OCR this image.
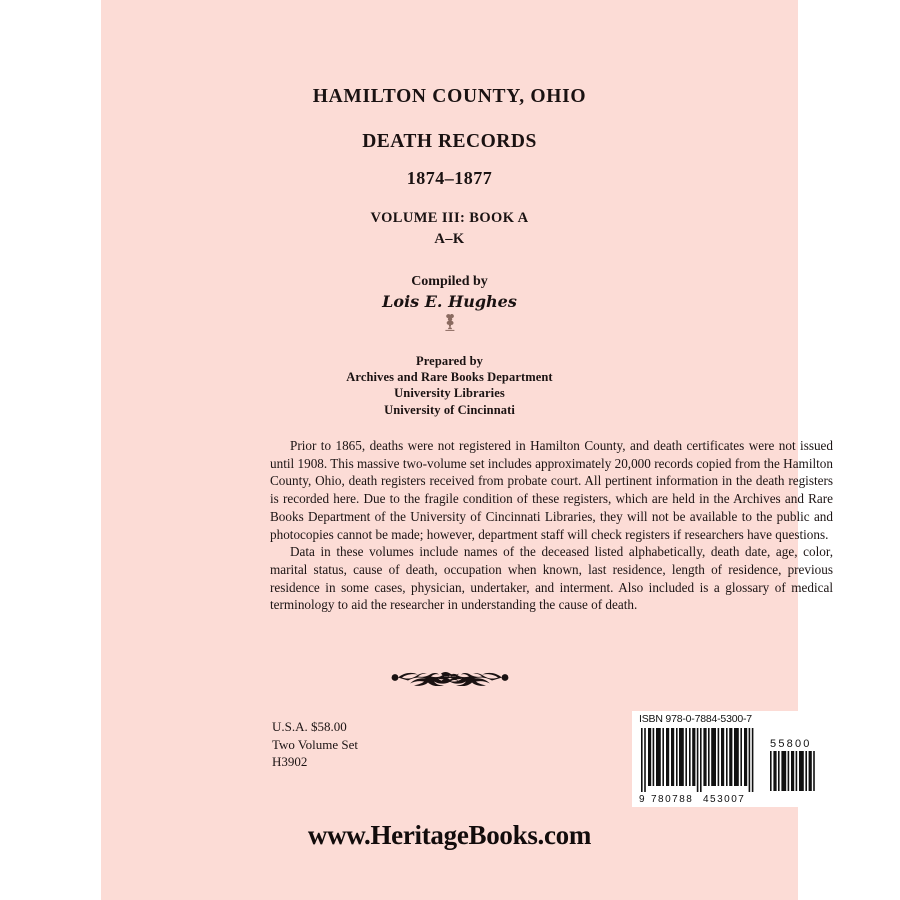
HAMILTON COUNTY, OHIO
DEATH RECORDS
1874–1877
VOLUME III: BOOK A
A–K
Compiled by
Lois E. Hughes
Prepared by
Archives and Rare Books Department
University Libraries
University of Cincinnati

Prior to 1865, deaths were not registered in Hamilton County, and death certificates were not issued until 1908. This massive two-volume set includes approximately 20,000 records copied from the Hamilton County, Ohio, death registers received from probate court. All pertinent information in the death registers is recorded here. Due to the fragile condition of these registers, which are held in the Archives and Rare Books Department of the University of Cincinnati Libraries, they will not be available to the public and photocopies cannot be made; however, department staff will check registers if researchers have questions.

Data in these volumes include names of the deceased listed alphabetically, death date, age, color, marital status, cause of death, occupation when known, last residence, length of residence, previous residence in some cases, physician, undertaker, and interment. Also included is a glossary of medical terminology to aid the researcher in understanding the cause of death.

U.S.A. $58.00
Two Volume Set
H3902
ISBN 978-0-7884-5300-7
9 780788 453007
55800
www.HeritageBooks.com
